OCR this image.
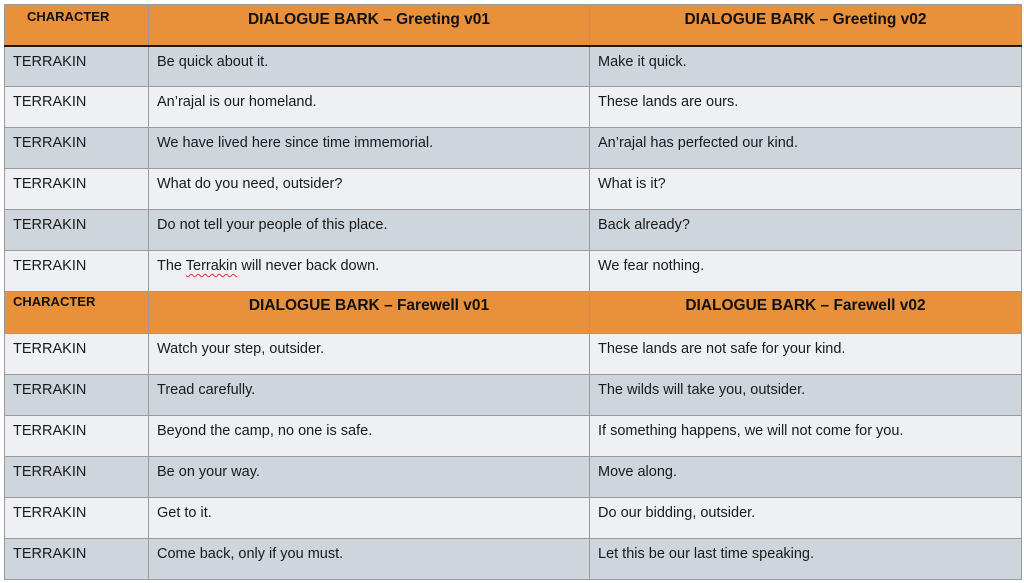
CHARACTER	DIALOGUE BARK – Greeting v01	DIALOGUE BARK – Greeting v02
TERRAKIN	Be quick about it.	Make it quick.
TERRAKIN	An’rajal is our homeland.	These lands are ours.
TERRAKIN	We have lived here since time immemorial.	An’rajal has perfected our kind.
TERRAKIN	What do you need, outsider?	What is it?
TERRAKIN	Do not tell your people of this place.	Back already?
TERRAKIN	The Terrakin will never back down.	We fear nothing.
CHARACTER	DIALOGUE BARK – Farewell v01	DIALOGUE BARK – Farewell v02
TERRAKIN	Watch your step, outsider.	These lands are not safe for your kind.
TERRAKIN	Tread carefully.	The wilds will take you, outsider.
TERRAKIN	Beyond the camp, no one is safe.	If something happens, we will not come for you.
TERRAKIN	Be on your way.	Move along.
TERRAKIN	Get to it.	Do our bidding, outsider.
TERRAKIN	Come back, only if you must.	Let this be our last time speaking.
